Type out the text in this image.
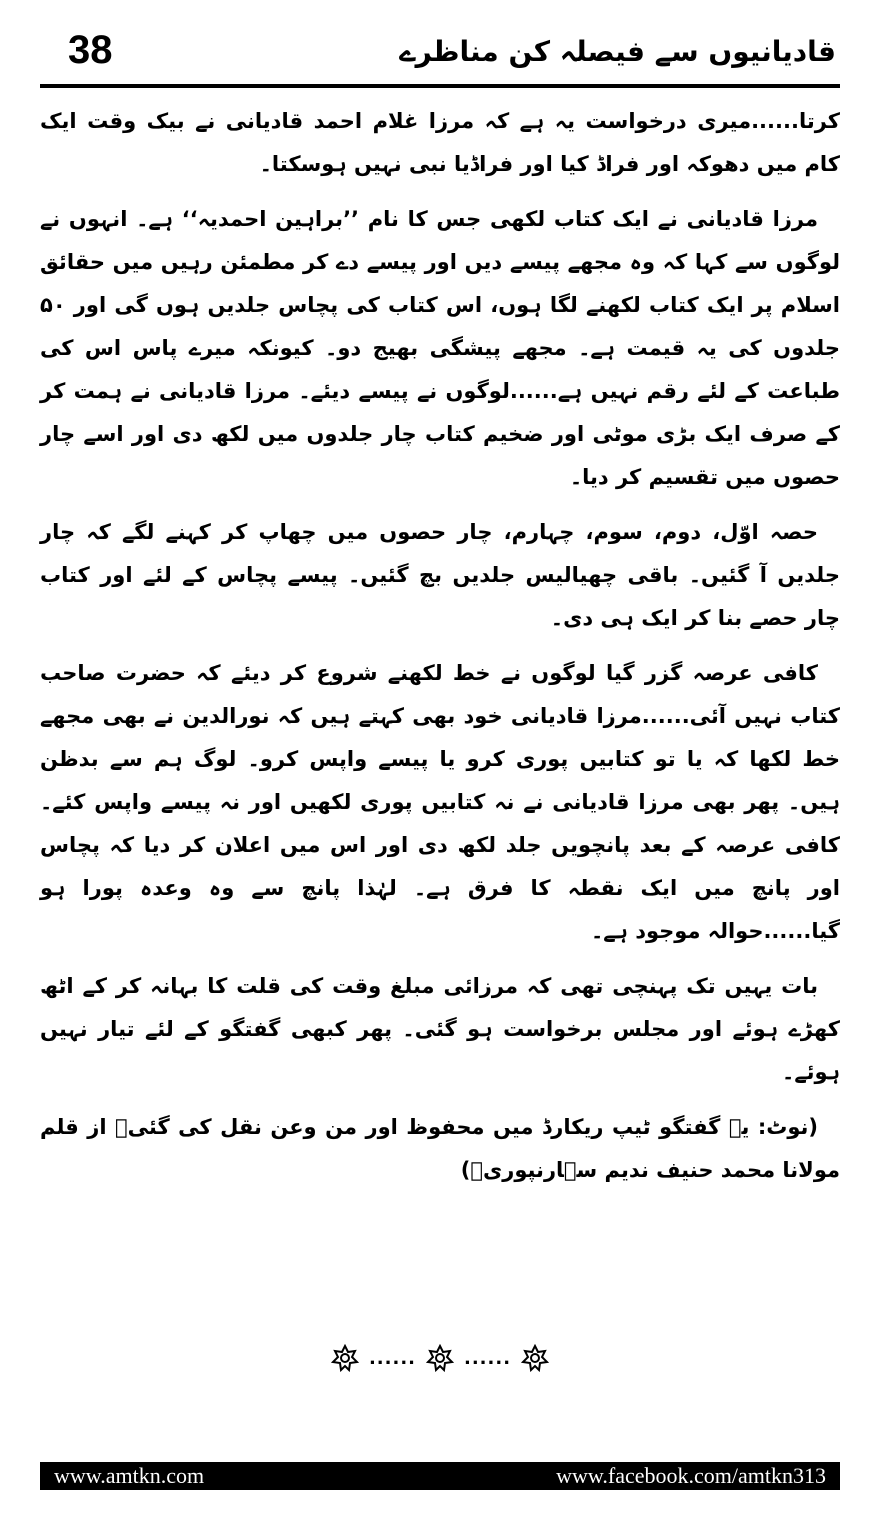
38	قادیانیوں سے فیصلہ کن مناظرے

کرتا......میری درخواست یہ ہے کہ مرزا غلام احمد قادیانی نے بیک وقت ایک کام میں دھوکہ اور فراڈ کیا اور فراڈیا نبی نہیں ہوسکتا۔

مرزا قادیانی نے ایک کتاب لکھی جس کا نام ’’براہین احمدیہ‘‘ ہے۔ انہوں نے لوگوں سے کہا کہ وہ مجھے پیسے دیں اور پیسے دے کر مطمئن رہیں میں حقائق اسلام پر ایک کتاب لکھنے لگا ہوں، اس کتاب کی پچاس جلدیں ہوں گی اور ۵۰ جلدوں کی یہ قیمت ہے۔ مجھے پیشگی بھیج دو۔ کیونکہ میرے پاس اس کی طباعت کے لئے رقم نہیں ہے......لوگوں نے پیسے دیئے۔ مرزا قادیانی نے ہمت کر کے صرف ایک بڑی موٹی اور ضخیم کتاب چار جلدوں میں لکھ دی اور اسے چار حصوں میں تقسیم کر دیا۔

حصہ اوّل، دوم، سوم، چہارم، چار حصوں میں چھاپ کر کہنے لگے کہ چار جلدیں آ گئیں۔ باقی چھیالیس جلدیں بچ گئیں۔ پیسے پچاس کے لئے اور کتاب چار حصے بنا کر ایک ہی دی۔

کافی عرصہ گزر گیا لوگوں نے خط لکھنے شروع کر دیئے کہ حضرت صاحب کتاب نہیں آئی......مرزا قادیانی خود بھی کہتے ہیں کہ نورالدین نے بھی مجھے خط لکھا کہ یا تو کتابیں پوری کرو یا پیسے واپس کرو۔ لوگ ہم سے بدظن ہیں۔ پھر بھی مرزا قادیانی نے نہ کتابیں پوری لکھیں اور نہ پیسے واپس کئے۔ کافی عرصہ کے بعد پانچویں جلد لکھ دی اور اس میں اعلان کر دیا کہ پچاس اور پانچ میں ایک نقطہ کا فرق ہے۔ لہٰذا پانچ سے وہ وعدہ پورا ہو گیا......حوالہ موجود ہے۔

بات یہیں تک پہنچی تھی کہ مرزائی مبلغ وقت کی قلت کا بہانہ کر کے اٹھ کھڑے ہوئے اور مجلس برخواست ہو گئی۔ پھر کبھی گفتگو کے لئے تیار نہیں ہوئے۔

(نوٹ: یہ گفتگو ٹیپ ریکارڈ میں محفوظ اور من وعن نقل کی گئی۔ از قلم مولانا محمد حنیف ندیم سہارنپوریؒ)

......	......
www.amtkn.com	www.facebook.com/amtkn313
